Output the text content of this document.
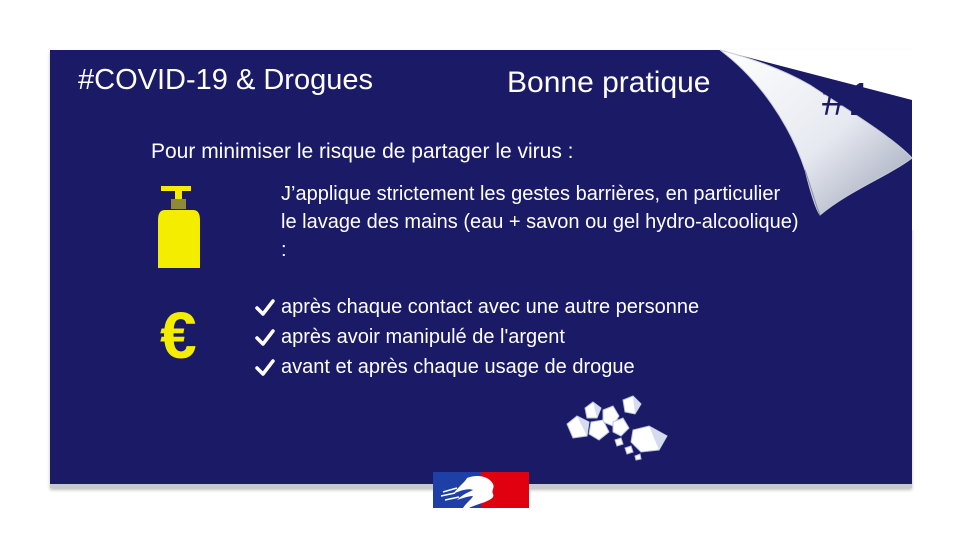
#COVID-19 & Drogues	Bonne pratique #1
Pour minimiser le risque de partager le virus :
J’applique strictement les gestes barrières, en particulier le lavage des mains (eau + savon ou gel hydro-alcoolique) :
€	après chaque contact avec une autre personne
après avoir manipulé de l'argent
avant et après chaque usage de drogue
